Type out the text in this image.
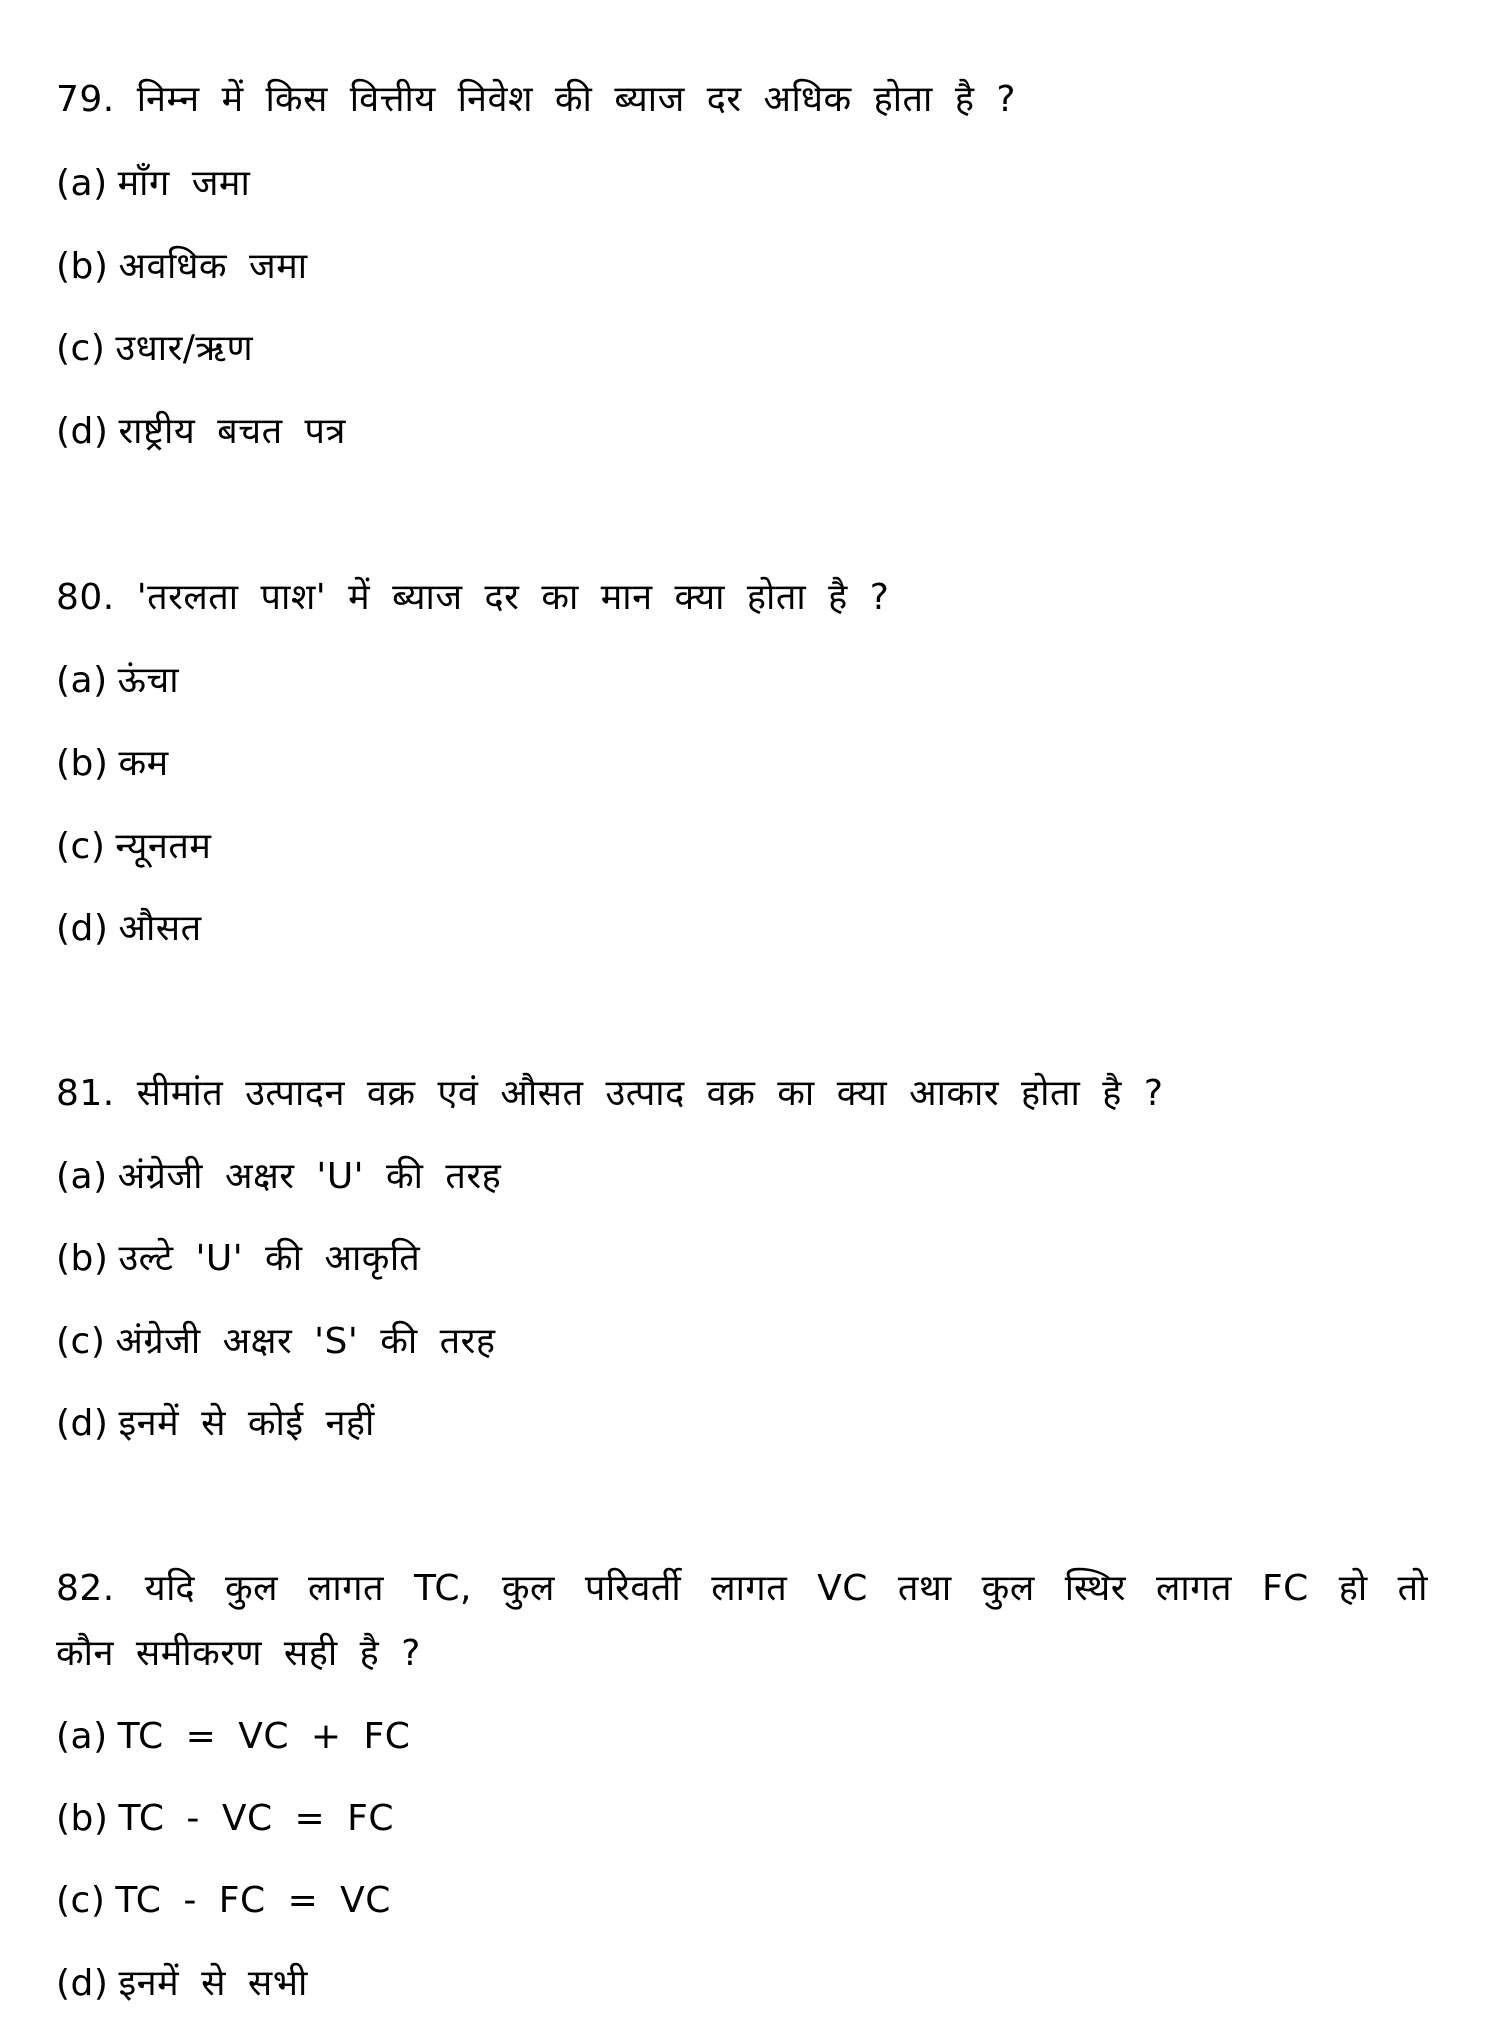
79. निम्न में किस वित्तीय निवेश की ब्याज दर अधिक होता है ?
(a) माँग जमा
(b) अवधिक जमा
(c) उधार/ऋण
(d) राष्ट्रीय बचत पत्र
80. 'तरलता पाश' में ब्याज दर का मान क्या होता है ?
(a) ऊंचा
(b) कम
(c) न्यूनतम
(d) औसत
81. सीमांत उत्पादन वक्र एवं औसत उत्पाद वक्र का क्या आकार होता है ?
(a) अंग्रेजी अक्षर 'U' की तरह
(b) उल्टे 'U' की आकृति
(c) अंग्रेजी अक्षर 'S' की तरह
(d) इनमें से कोई नहीं
82. यदि कुल लागत TC, कुल परिवर्ती लागत VC तथा कुल स्थिर लागत FC हो तो
कौन समीकरण सही है ?
(a) TC = VC + FC
(b) TC - VC = FC
(c) TC - FC = VC
(d) इनमें से सभी
